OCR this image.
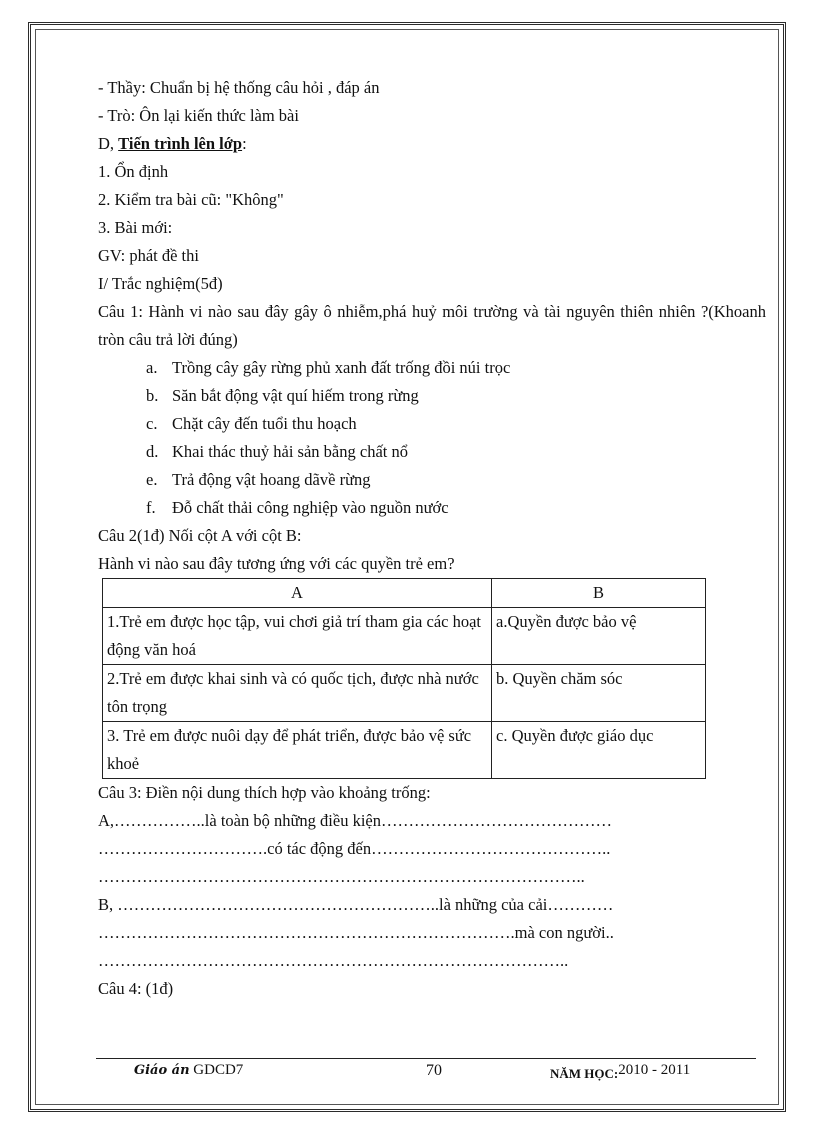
- Thầy: Chuẩn bị hệ thống câu hỏi , đáp án
- Trò: Ôn lại kiến thức làm bài
D, Tiến trình lên lớp:
1. Ổn định
2. Kiểm tra bài cũ: "Không"
3. Bài mới:
GV: phát đề thi
I/ Trắc nghiệm(5đ)
Câu 1: Hành vi nào sau đây gây ô nhiễm,phá huỷ môi trường và tài nguyên thiên nhiên ?(Khoanh tròn câu trả lời đúng)
a. Trồng cây gây rừng phủ xanh đất trống đồi núi trọc
b. Săn bắt động vật quí hiếm trong rừng
c. Chặt cây đến tuổi thu hoạch
d. Khai thác thuỷ hải sản bằng chất nổ
e. Trả động vật hoang dãvề rừng
f. Đỗ chất thải công nghiệp vào nguồn nước
Câu 2(1đ) Nối cột A với cột B:
Hành vi nào sau đây tương ứng với các quyền trẻ em?
A	B
1.Trẻ em được học tập, vui chơi giả trí tham gia các hoạt động văn hoá	a.Quyền được bảo vệ
2.Trẻ em được khai sinh và có quốc tịch, được nhà nước tôn trọng	b. Quyền chăm sóc
3. Trẻ em được nuôi dạy để phát triển, được bảo vệ sức khoẻ	c. Quyền được giáo dục
Câu 3: Điền nội dung thích hợp vào khoảng trống:
A,……………..là toàn bộ những điều kiện……………………………………
………………………….có tác động đến……………………………………..
……………………………………………………………………………..
B, …………………………………………………..là những của cải…………
………………………………………………………………….mà con người..
…………………………………………………………………………..
Câu 4: (1đ)
Giáo án GDCD7	70	NĂM HỌC:2010 - 2011
